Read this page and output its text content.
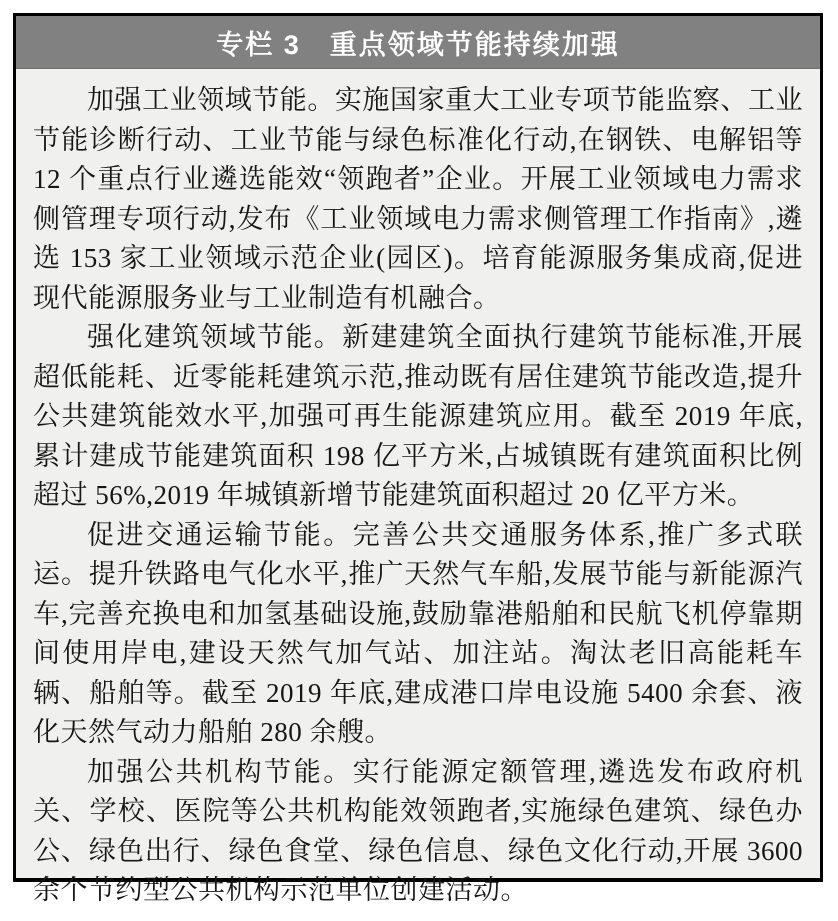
专栏 3　重点领域节能持续加强

加强工业领域节能。实施国家重大工业专项节能监察、工业节能诊断行动、工业节能与绿色标准化行动,在钢铁、电解铝等 12 个重点行业遴选能效“领跑者”企业。开展工业领域电力需求侧管理专项行动,发布《工业领域电力需求侧管理工作指南》,遴选 153 家工业领域示范企业(园区)。培育能源服务集成商,促进现代能源服务业与工业制造有机融合。

强化建筑领域节能。新建建筑全面执行建筑节能标准,开展超低能耗、近零能耗建筑示范,推动既有居住建筑节能改造,提升公共建筑能效水平,加强可再生能源建筑应用。截至 2019 年底,累计建成节能建筑面积 198 亿平方米,占城镇既有建筑面积比例超过 56%,2019 年城镇新增节能建筑面积超过 20 亿平方米。

促进交通运输节能。完善公共交通服务体系,推广多式联运。提升铁路电气化水平,推广天然气车船,发展节能与新能源汽车,完善充换电和加氢基础设施,鼓励靠港船舶和民航飞机停靠期间使用岸电,建设天然气加气站、加注站。淘汰老旧高能耗车辆、船舶等。截至 2019 年底,建成港口岸电设施 5400 余套、液化天然气动力船舶 280 余艘。

加强公共机构节能。实行能源定额管理,遴选发布政府机关、学校、医院等公共机构能效领跑者,实施绿色建筑、绿色办公、绿色出行、绿色食堂、绿色信息、绿色文化行动,开展 3600 余个节约型公共机构示范单位创建活动。
